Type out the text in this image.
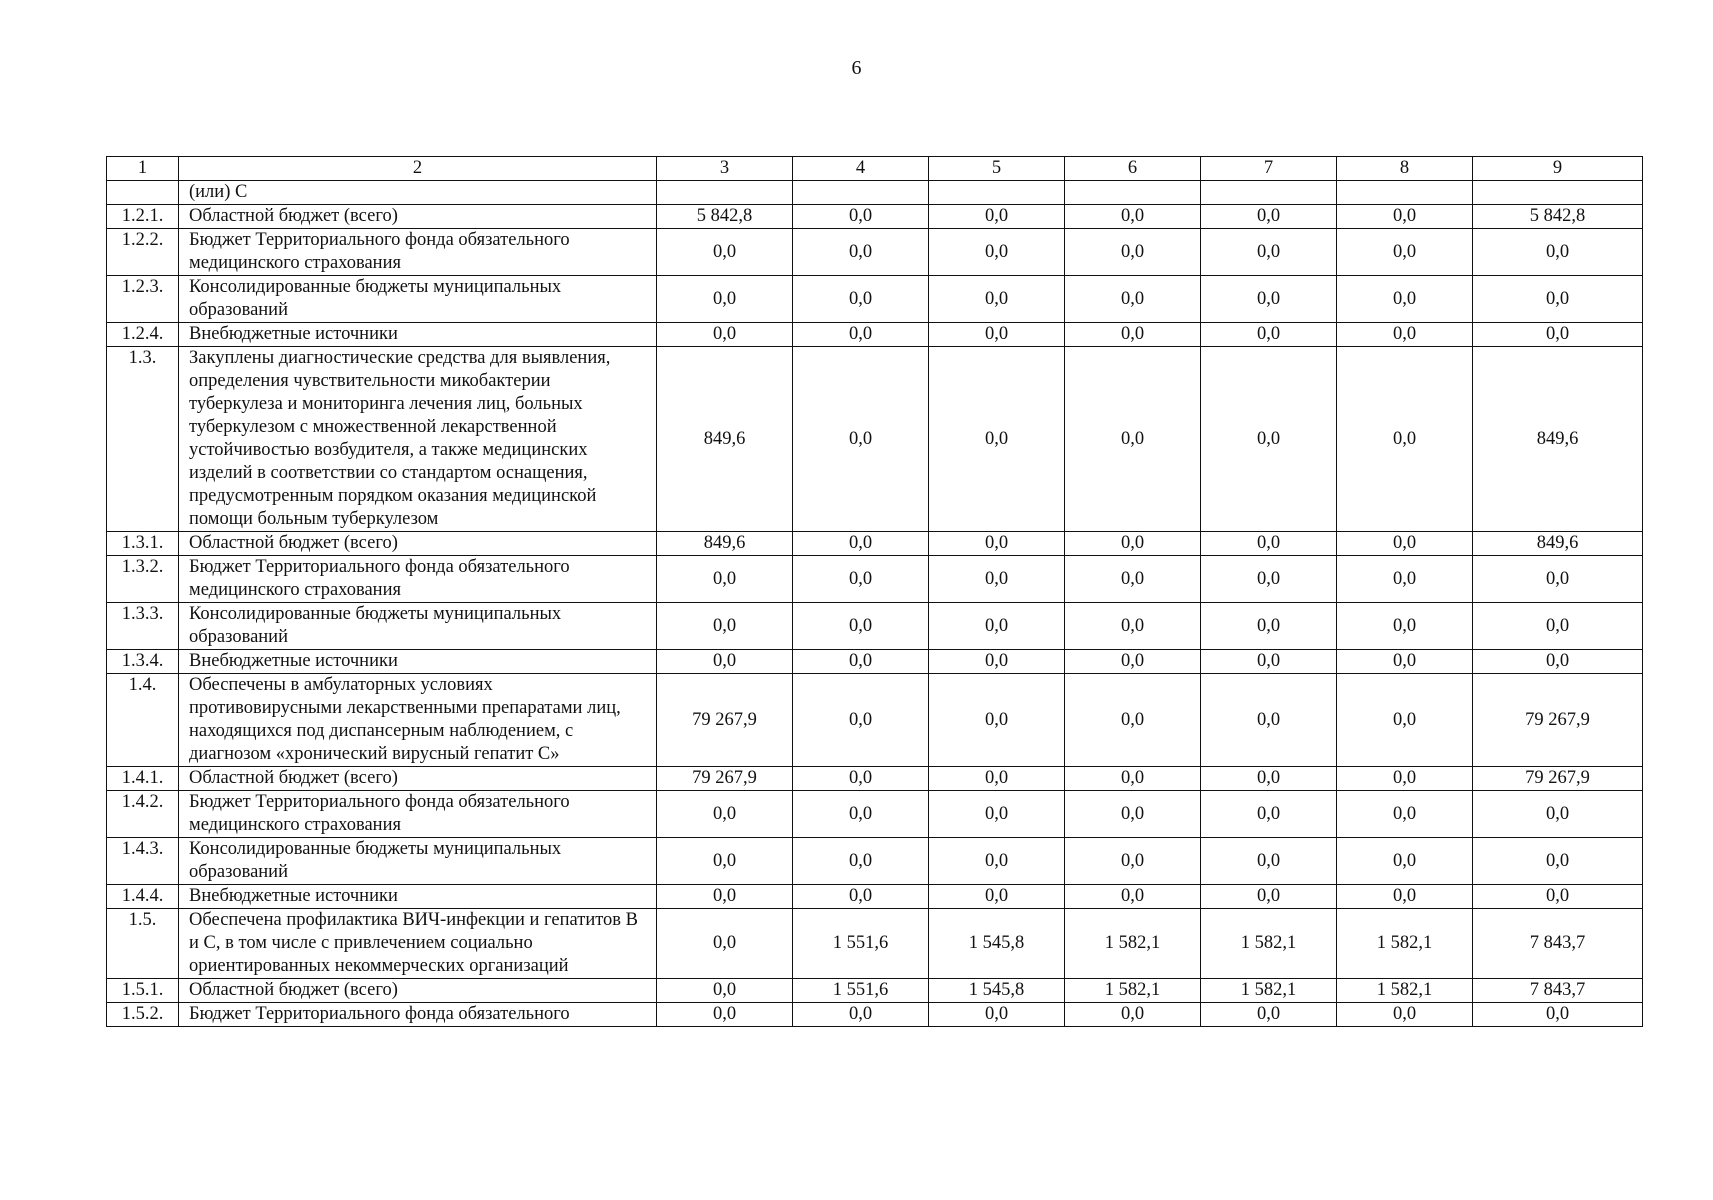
6
1	2	3	4	5	6	7	8	9
	(или) С							
1.2.1.	Областной бюджет (всего)	5 842,8	0,0	0,0	0,0	0,0	0,0	5 842,8
1.2.2.	Бюджет Территориального фонда обязательного медицинского страхования	0,0	0,0	0,0	0,0	0,0	0,0	0,0
1.2.3.	Консолидированные бюджеты муниципальных образований	0,0	0,0	0,0	0,0	0,0	0,0	0,0
1.2.4.	Внебюджетные источники	0,0	0,0	0,0	0,0	0,0	0,0	0,0
1.3.	Закуплены диагностические средства для выявления, определения чувствительности микобактерии туберкулеза и мониторинга лечения лиц, больных туберкулезом с множественной лекарственной устойчивостью возбудителя, а также медицинских изделий в соответствии со стандартом оснащения, предусмотренным порядком оказания медицинской помощи больным туберкулезом	849,6	0,0	0,0	0,0	0,0	0,0	849,6
1.3.1.	Областной бюджет (всего)	849,6	0,0	0,0	0,0	0,0	0,0	849,6
1.3.2.	Бюджет Территориального фонда обязательного медицинского страхования	0,0	0,0	0,0	0,0	0,0	0,0	0,0
1.3.3.	Консолидированные бюджеты муниципальных образований	0,0	0,0	0,0	0,0	0,0	0,0	0,0
1.3.4.	Внебюджетные источники	0,0	0,0	0,0	0,0	0,0	0,0	0,0
1.4.	Обеспечены в амбулаторных условиях противовирусными лекарственными препаратами лиц, находящихся под диспансерным наблюдением, с диагнозом «хронический вирусный гепатит С»	79 267,9	0,0	0,0	0,0	0,0	0,0	79 267,9
1.4.1.	Областной бюджет (всего)	79 267,9	0,0	0,0	0,0	0,0	0,0	79 267,9
1.4.2.	Бюджет Территориального фонда обязательного медицинского страхования	0,0	0,0	0,0	0,0	0,0	0,0	0,0
1.4.3.	Консолидированные бюджеты муниципальных образований	0,0	0,0	0,0	0,0	0,0	0,0	0,0
1.4.4.	Внебюджетные источники	0,0	0,0	0,0	0,0	0,0	0,0	0,0
1.5.	Обеспечена профилактика ВИЧ-инфекции и гепатитов В и С, в том числе с привлечением социально ориентированных некоммерческих организаций	0,0	1 551,6	1 545,8	1 582,1	1 582,1	1 582,1	7 843,7
1.5.1.	Областной бюджет (всего)	0,0	1 551,6	1 545,8	1 582,1	1 582,1	1 582,1	7 843,7
1.5.2.	Бюджет Территориального фонда обязательного	0,0	0,0	0,0	0,0	0,0	0,0	0,0
